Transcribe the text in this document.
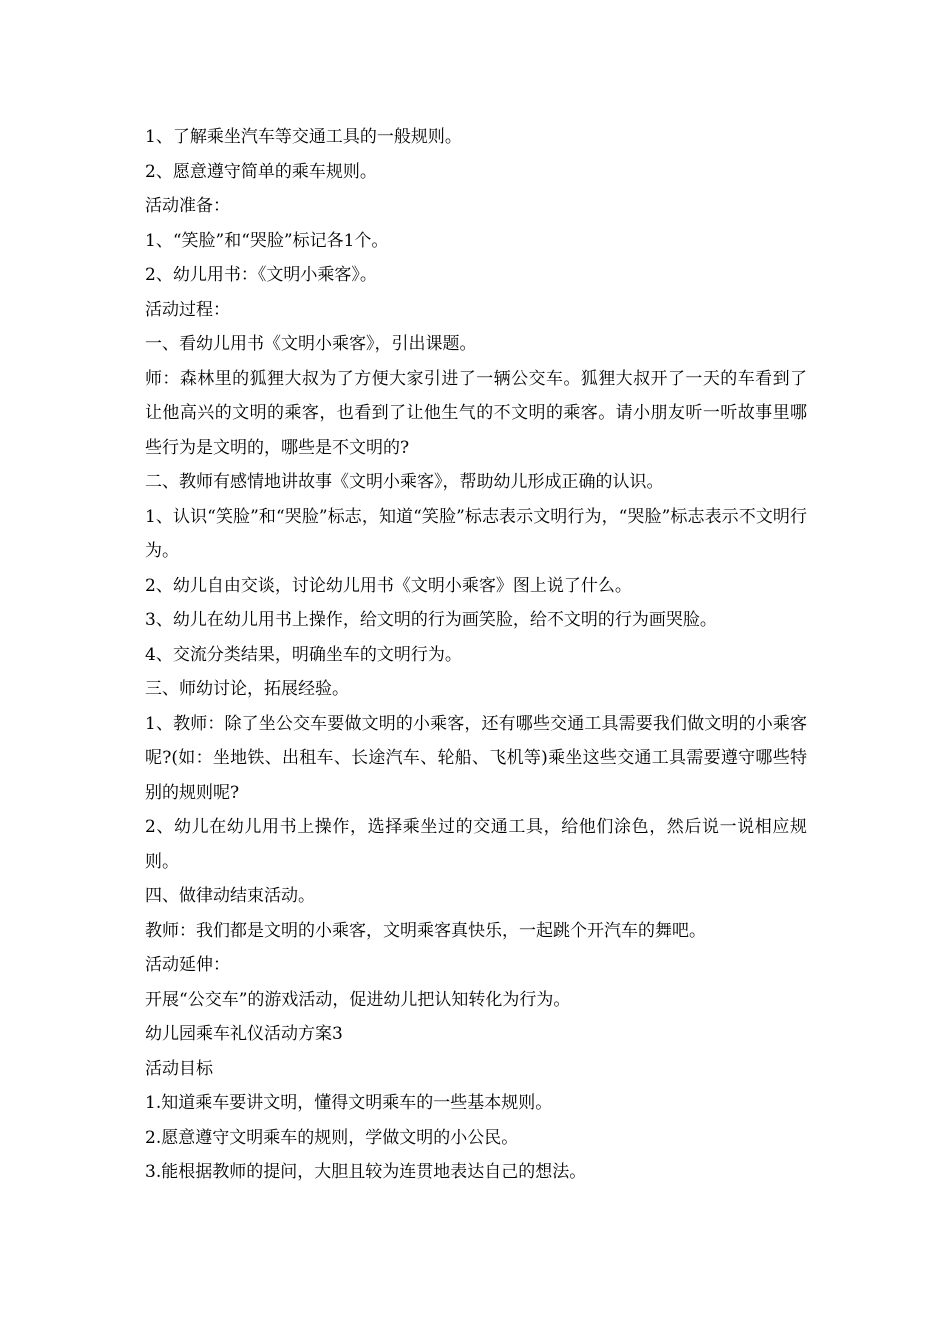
1、了解乘坐汽车等交通工具的一般规则。

2、愿意遵守简单的乘车规则。

活动准备：

1、“笑脸”和“哭脸”标记各1个。

2、幼儿用书：《文明小乘客》。

活动过程：

一、看幼儿用书《文明小乘客》，引出课题。

师：森林里的狐狸大叔为了方便大家引进了一辆公交车。狐狸大叔开了一天的车看到了让他高兴的文明的乘客，也看到了让他生气的不文明的乘客。请小朋友听一听故事里哪些行为是文明的，哪些是不文明的?

二、教师有感情地讲故事《文明小乘客》，帮助幼儿形成正确的认识。

1、认识“笑脸”和“哭脸”标志，知道“笑脸”标志表示文明行为，“哭脸”标志表示不文明行为。

2、幼儿自由交谈，讨论幼儿用书《文明小乘客》图上说了什么。

3、幼儿在幼儿用书上操作，给文明的行为画笑脸，给不文明的行为画哭脸。

4、交流分类结果，明确坐车的文明行为。

三、师幼讨论，拓展经验。

1、教师：除了坐公交车要做文明的小乘客，还有哪些交通工具需要我们做文明的小乘客呢?(如：坐地铁、出租车、长途汽车、轮船、飞机等)乘坐这些交通工具需要遵守哪些特别的规则呢?

2、幼儿在幼儿用书上操作，选择乘坐过的交通工具，给他们涂色，然后说一说相应规则。

四、做律动结束活动。

教师：我们都是文明的小乘客，文明乘客真快乐，一起跳个开汽车的舞吧。

活动延伸：

开展“公交车”的游戏活动，促进幼儿把认知转化为行为。

幼儿园乘车礼仪活动方案3

活动目标

1.知道乘车要讲文明，懂得文明乘车的一些基本规则。

2.愿意遵守文明乘车的规则，学做文明的小公民。

3.能根据教师的提问，大胆且较为连贯地表达自己的想法。
